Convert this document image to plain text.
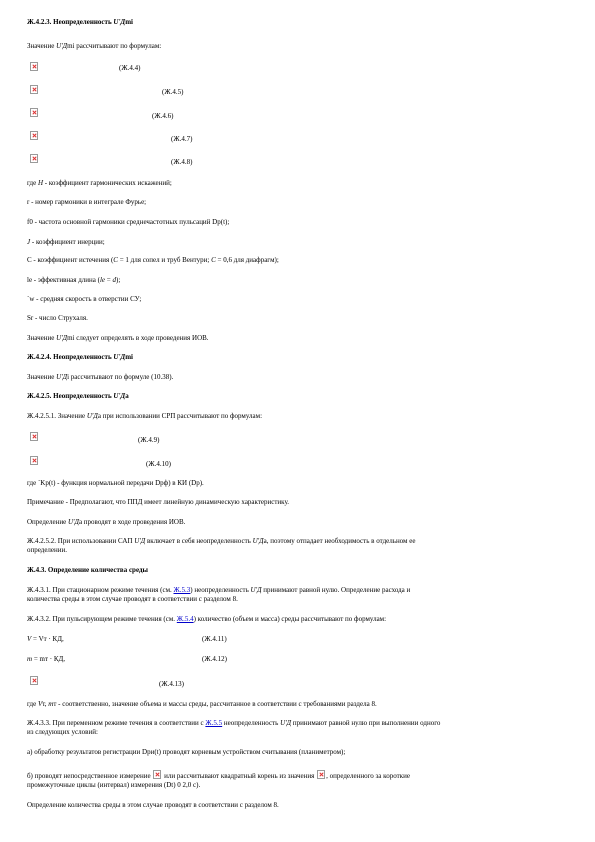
Ж.4.2.3. Неопределенность U'Дmi
Значение U'Дmi рассчитывают по формулам:
(Ж.4.4)
(Ж.4.5)
(Ж.4.6)
(Ж.4.7)
(Ж.4.8)
где H - коэффициент гармонических искажений;
r - номер гармоники в интеграле Фурье;
f0 - частота основной гармоники среднечастотных пульсаций Dp(t);
J - коэффициент инерции;
C - коэффициент истечения (C = 1 для сопел и труб Вентури; C = 0,6 для диафрагм);
le - эффективная длина (le = d);
`w - средняя скорость в отверстии СУ;
Sr - число Струхаля.
Значение U'Дmi следует определять в ходе проведения ИОВ.
Ж.4.2.4. Неопределенность U'Дmi
Значение U'Дi рассчитывают по формуле (10.38).
Ж.4.2.5. Неопределенность U'Дa
Ж.4.2.5.1. Значение U'Дa при использовании СРП рассчитывают по формулам:
(Ж.4.9)
(Ж.4.10)
где `Kp(t) - функция нормальной передачи Dpф) в КИ (Dp).
Примечание - Предполагают, что ППД имеет линейную динамическую характеристику.
Определение U'Дa проводят в ходе проведения ИОВ.
Ж.4.2.5.2. При использовании САП U'Д включает в себя неопределенность U'Дa, поэтому отпадает необходимость в отдельном ее
определении.
Ж.4.3. Определение количества среды
Ж.4.3.1. При стационарном режиме течения (см. Ж.5.3) неопределенность U'Д принимают равной нулю. Определение расхода и
количества среды в этом случае проводят в соответствии с разделом 8.
Ж.4.3.2. При пульсирующем режиме течения (см. Ж.5.4) количество (объем и масса) среды рассчитывают по формулам:
V = Vт · КД,	(Ж.4.11)
m = mт · КД,	(Ж.4.12)
(Ж.4.13)
где Vт, mт - соответственно, значение объема и массы среды, рассчитанное в соответствии с требованиями раздела 8.
Ж.4.3.3. При переменном режиме течения в соответствии с Ж.5.5 неопределенность U'Д принимают равной нулю при выполнении одного
из следующих условий:
а) обработку результатов регистрации Dpи(t) проводят корневым устройством считывания (планиметром);
б) проводят непосредственное измерение  или рассчитывают квадратный корень из значения , определенного за короткие
промежуточные циклы (интервал) измерения (Dt) 0 2,0 с).
Определение количества среды в этом случае проводят в соответствии с разделом 8.
